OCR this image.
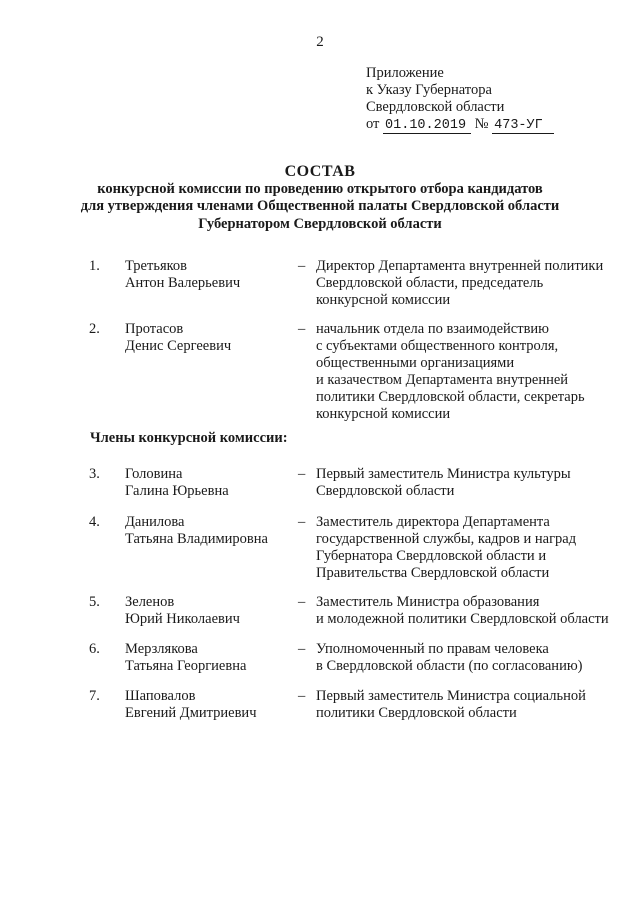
2
Приложение
к Указу Губернатора
Свердловской области
от 01.10.2019 № 473-УГ
СОСТАВ
конкурсной комиссии по проведению открытого отбора кандидатов
для утверждения членами Общественной палаты Свердловской области
Губернатором Свердловской области
1. Третьяков
Антон Валерьевич
– Директор Департамента внутренней политики
Свердловской области, председатель
конкурсной комиссии
2. Протасов
Денис Сергеевич
– начальник отдела по взаимодействию
с субъектами общественного контроля,
общественными организациями
и казачеством Департамента внутренней
политики Свердловской области, секретарь
конкурсной комиссии
Члены конкурсной комиссии:
3. Головина
Галина Юрьевна
– Первый заместитель Министра культуры
Свердловской области
4. Данилова
Татьяна Владимировна
– Заместитель директора Департамента
государственной службы, кадров и наград
Губернатора Свердловской области и
Правительства Свердловской области
5. Зеленов
Юрий Николаевич
– Заместитель Министра образования
и молодежной политики Свердловской области
6. Мерзлякова
Татьяна Георгиевна
– Уполномоченный по правам человека
в Свердловской области (по согласованию)
7. Шаповалов
Евгений Дмитриевич
– Первый заместитель Министра социальной
политики Свердловской области
